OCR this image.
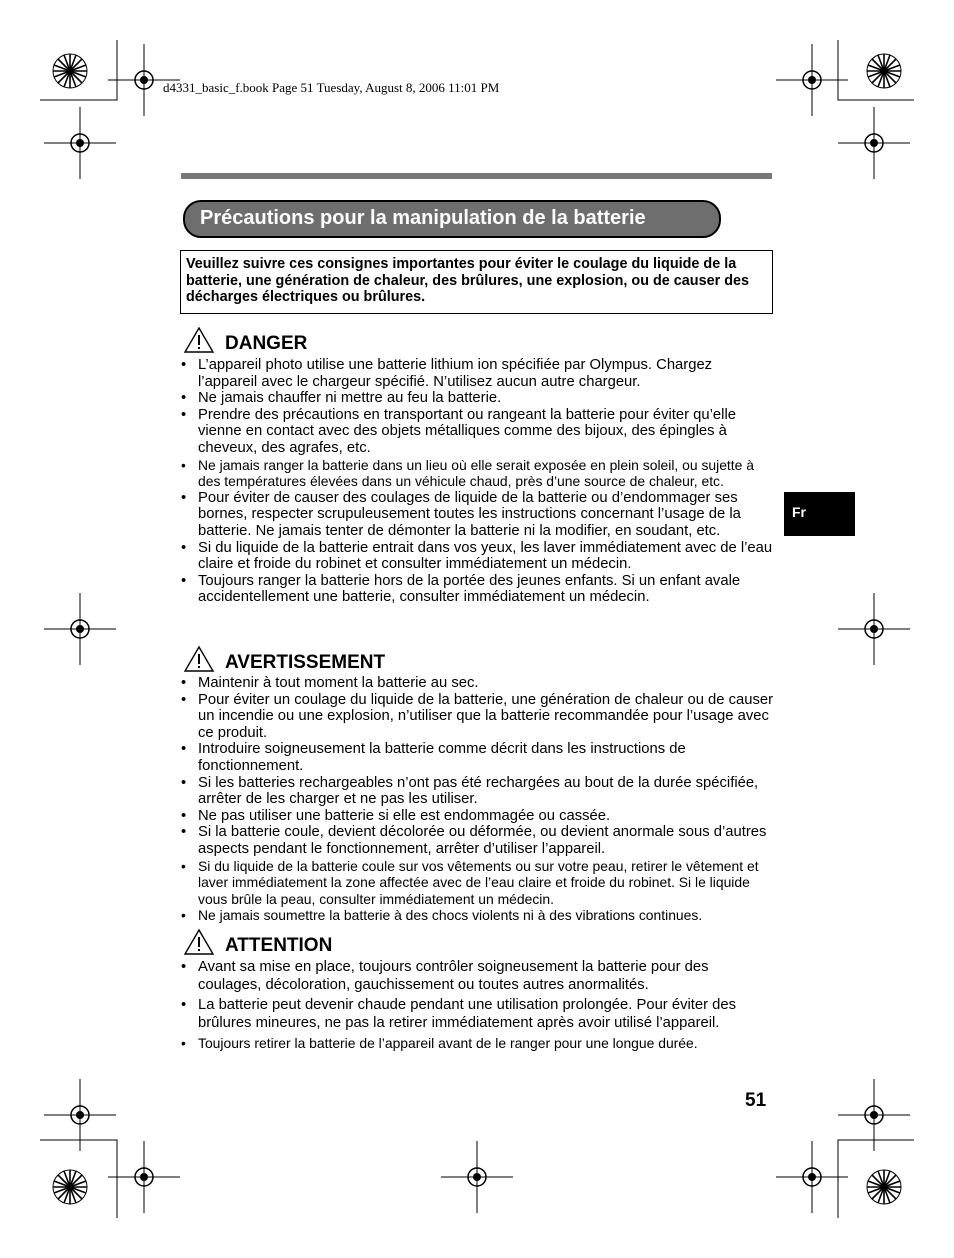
d4331_basic_f.book Page 51 Tuesday, August 8, 2006 11:01 PM
Précautions pour la manipulation de la batterie
Veuillez suivre ces consignes importantes pour éviter le coulage du liquide de la batterie, une génération de chaleur, des brûlures, une explosion, ou de causer des décharges électriques ou brûlures.
DANGER
• L’appareil photo utilise une batterie lithium ion spécifiée par Olympus. Chargez l’appareil avec le chargeur spécifié. N’utilisez aucun autre chargeur.
• Ne jamais chauffer ni mettre au feu la batterie.
• Prendre des précautions en transportant ou rangeant la batterie pour éviter qu’elle vienne en contact avec des objets métalliques comme des bijoux, des épingles à cheveux, des agrafes, etc.
• Ne jamais ranger la batterie dans un lieu où elle serait exposée en plein soleil, ou sujette à des températures élevées dans un véhicule chaud, près d’une source de chaleur, etc.
• Pour éviter de causer des coulages de liquide de la batterie ou d’endommager ses bornes, respecter scrupuleusement toutes les instructions concernant l’usage de la batterie. Ne jamais tenter de démonter la batterie ni la modifier, en soudant, etc.
• Si du liquide de la batterie entrait dans vos yeux, les laver immédiatement avec de l’eau claire et froide du robinet et consulter immédiatement un médecin.
• Toujours ranger la batterie hors de la portée des jeunes enfants. Si un enfant avale accidentellement une batterie, consulter immédiatement un médecin.
AVERTISSEMENT
• Maintenir à tout moment la batterie au sec.
• Pour éviter un coulage du liquide de la batterie, une génération de chaleur ou de causer un incendie ou une explosion, n’utiliser que la batterie recommandée pour l’usage avec ce produit.
• Introduire soigneusement la batterie comme décrit dans les instructions de fonctionnement.
• Si les batteries rechargeables n’ont pas été rechargées au bout de la durée spécifiée, arrêter de les charger et ne pas les utiliser.
• Ne pas utiliser une batterie si elle est endommagée ou cassée.
• Si la batterie coule, devient décolorée ou déformée, ou devient anormale sous d’autres aspects pendant le fonctionnement, arrêter d’utiliser l’appareil.
• Si du liquide de la batterie coule sur vos vêtements ou sur votre peau, retirer le vêtement et laver immédiatement la zone affectée avec de l’eau claire et froide du robinet. Si le liquide vous brûle la peau, consulter immédiatement un médecin.
• Ne jamais soumettre la batterie à des chocs violents ni à des vibrations continues.
ATTENTION
• Avant sa mise en place, toujours contrôler soigneusement la batterie pour des coulages, décoloration, gauchissement ou toutes autres anormalités.
• La batterie peut devenir chaude pendant une utilisation prolongée. Pour éviter des brûlures mineures, ne pas la retirer immédiatement après avoir utilisé l’appareil.
• Toujours retirer la batterie de l’appareil avant de le ranger pour une longue durée.
Fr
51
